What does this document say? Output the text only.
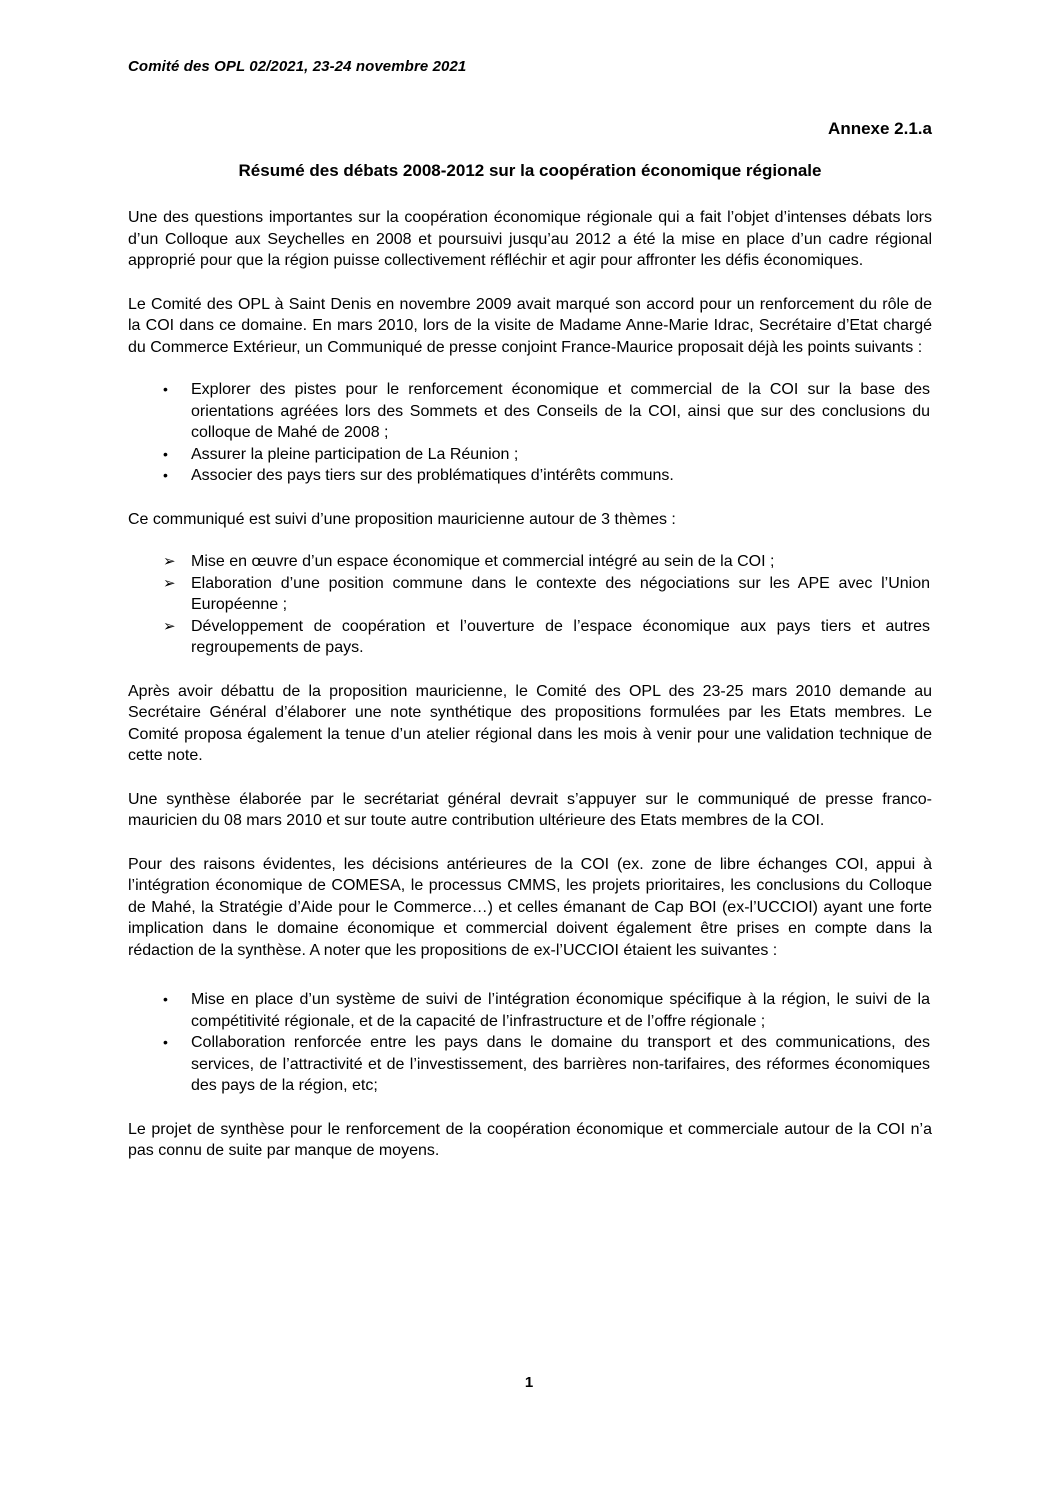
Comité des OPL 02/2021, 23-24 novembre 2021
Annexe 2.1.a
Résumé des débats 2008-2012 sur la coopération économique régionale

Une des questions importantes sur la coopération économique régionale qui a fait l’objet d’intenses débats lors d’un Colloque aux Seychelles en 2008 et poursuivi jusqu’au 2012 a été la mise en place d’un cadre régional approprié pour que la région puisse collectivement réfléchir et agir pour affronter les défis économiques.

Le Comité des OPL à Saint Denis en novembre 2009 avait marqué son accord pour un renforcement du rôle de la COI dans ce domaine. En mars 2010, lors de la visite de Madame Anne-Marie Idrac, Secrétaire d’Etat chargé du Commerce Extérieur, un Communiqué de presse conjoint France-Maurice proposait déjà les points suivants :

•	Explorer des pistes pour le renforcement économique et commercial de la COI sur la base des orientations agréées lors des Sommets et des Conseils de la COI, ainsi que sur des conclusions du colloque de Mahé de 2008 ;
•	Assurer la pleine participation de La Réunion ;
•	Associer des pays tiers sur des problématiques d’intérêts communs.

Ce communiqué est suivi d’une proposition mauricienne autour de 3 thèmes :

➢ Mise en œuvre d’un espace économique et commercial intégré au sein de la COI ;
➢ Elaboration d’une position commune dans le contexte des négociations sur les APE avec l’Union Européenne ;
➢ Développement de coopération et l’ouverture de l’espace économique aux pays tiers et autres regroupements de pays.

Après avoir débattu de la proposition mauricienne, le Comité des OPL des 23-25 mars 2010 demande au Secrétaire Général d’élaborer une note synthétique des propositions formulées par les Etats membres. Le Comité proposa également la tenue d’un atelier régional dans les mois à venir pour une validation technique de cette note.

Une synthèse élaborée par le secrétariat général devrait s’appuyer sur le communiqué de presse franco-mauricien du 08 mars 2010 et sur toute autre contribution ultérieure des Etats membres de la COI.

Pour des raisons évidentes, les décisions antérieures de la COI (ex. zone de libre échanges COI, appui à l’intégration économique de COMESA, le processus CMMS, les projets prioritaires, les conclusions du Colloque de Mahé, la Stratégie d’Aide pour le Commerce…) et celles émanant de Cap BOI (ex-l’UCCIOI) ayant une forte implication dans le domaine économique et commercial doivent également être prises en compte dans la rédaction de la synthèse. A noter que les propositions de ex-l’UCCIOI étaient les suivantes :

•	Mise en place d’un système de suivi de l’intégration économique spécifique à la région, le suivi de la compétitivité régionale, et de la capacité de l’infrastructure et de l’offre régionale ;
•	Collaboration renforcée entre les pays dans le domaine du transport et des communications, des services, de l’attractivité et de l’investissement, des barrières non-tarifaires, des réformes économiques des pays de la région, etc;

Le projet de synthèse pour le renforcement de la coopération économique et commerciale autour de la COI n’a pas connu de suite par manque de moyens.

1
